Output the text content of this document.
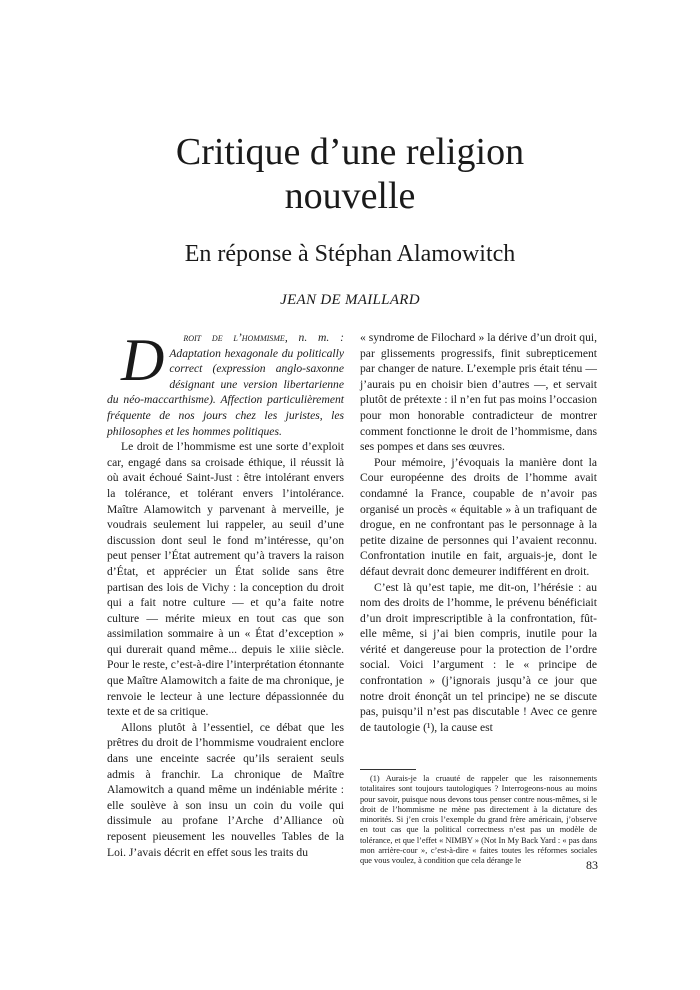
Critique d’une religion
nouvelle
En réponse à Stéphan Alamowitch
JEAN DE MAILLARD

D	roit de l’hommisme, n. m. : Adaptation hexagonale du politically correct (expression anglo-saxonne désignant une version libertarienne du néo-maccarthisme). Affection particulièrement fréquente de nos jours chez les juristes, les philosophes et les hommes politiques.

Le droit de l’hommisme est une sorte d’exploit car, engagé dans sa croisade éthique, il réussit là où avait échoué Saint-Just : être intolérant envers la tolérance, et tolérant envers l’intolérance. Maître Alamowitch y parvenant à merveille, je voudrais seulement lui rappeler, au seuil d’une discussion dont seul le fond m’intéresse, qu’on peut penser l’État autrement qu’à travers la raison d’État, et apprécier un État solide sans être partisan des lois de Vichy : la conception du droit qui a fait notre culture — et qu’a faite notre culture — mérite mieux en tout cas que son assimilation sommaire à un « État d’exception » qui durerait quand même... depuis le xiiie siècle. Pour le reste, c’est-à-dire l’interprétation étonnante que Maître Alamowitch a faite de ma chronique, je renvoie le lecteur à une lecture dépassionnée du texte et de sa critique.

Allons plutôt à l’essentiel, ce débat que les prêtres du droit de l’hommisme voudraient enclore dans une enceinte sacrée qu’ils seraient seuls admis à franchir. La chronique de Maître Alamowitch a quand même un indéniable mérite : elle soulève à son insu un coin du voile qui dissimule au profane l’Arche d’Alliance où reposent pieusement les nouvelles Tables de la Loi. J’avais décrit en effet sous les traits du

« syndrome de Filochard » la dérive d’un droit qui, par glissements progressifs, finit subrepticement par changer de nature. L’exemple pris était ténu — j’aurais pu en choisir bien d’autres —, et servait plutôt de prétexte : il n’en fut pas moins l’occasion pour mon honorable contradicteur de montrer comment fonctionne le droit de l’hommisme, dans ses pompes et dans ses œuvres.

Pour mémoire, j’évoquais la manière dont la Cour européenne des droits de l’homme avait condamné la France, coupable de n’avoir pas organisé un procès « équitable » à un trafiquant de drogue, en ne confrontant pas le personnage à la petite dizaine de personnes qui l’avaient reconnu. Confrontation inutile en fait, arguais-je, dont le défaut devrait donc demeurer indifférent en droit.

C’est là qu’est tapie, me dit-on, l’hérésie : au nom des droits de l’homme, le prévenu bénéficiait d’un droit imprescriptible à la confrontation, fût-elle même, si j’ai bien compris, inutile pour la vérité et dangereuse pour la protection de l’ordre social. Voici l’argument : le « principe de confrontation » (j’ignorais jusqu’à ce jour que notre droit énonçât un tel principe) ne se discute pas, puisqu’il n’est pas discutable ! Avec ce genre de tautologie (¹), la cause est

(1) Aurais-je la cruauté de rappeler que les raisonnements totalitaires sont toujours tautologiques ? Interrogeons-nous au moins pour savoir, puisque nous devons tous penser contre nous-mêmes, si le droit de l’hommisme ne mène pas directement à la dictature des minorités. Si j’en crois l’exemple du grand frère américain, j’observe en tout cas que la political correctness n’est pas un modèle de tolérance, et que l’effet « NIMBY » (Not In My Back Yard : « pas dans mon arrière-cour », c’est-à-dire « faites toutes les réformes sociales que vous voulez, à condition que cela dérange le	83
